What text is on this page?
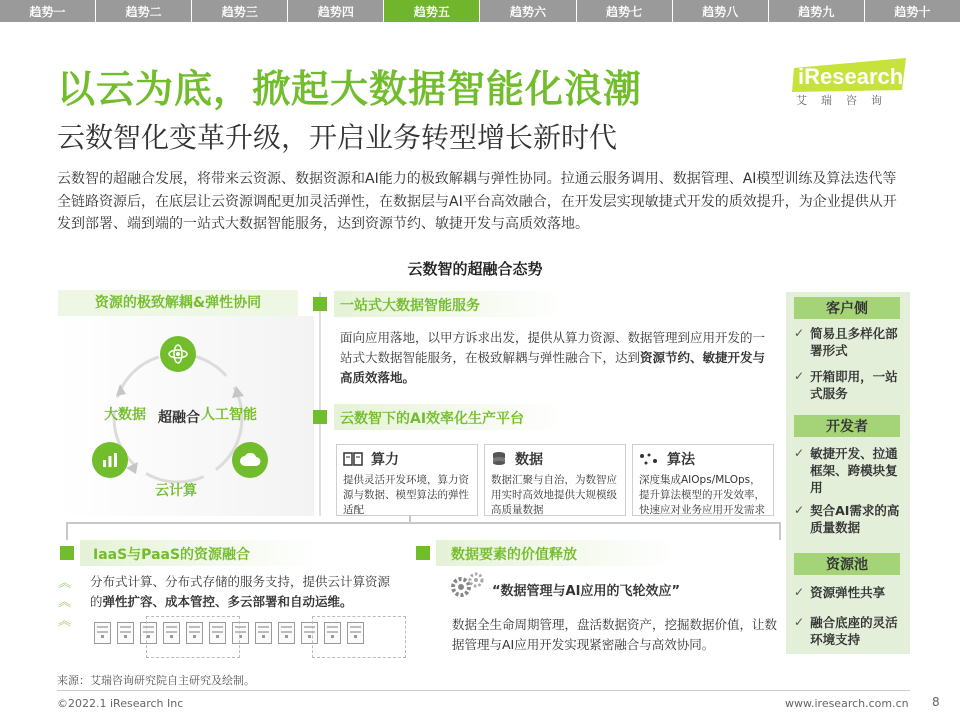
趋势一	趋势二	趋势三	趋势四	趋势五	趋势六	趋势七	趋势八	趋势九	趋势十
以云为底，掀起大数据智能化浪潮
云数智化变革升级，开启业务转型增长新时代
iResearch
艾瑞咨询
云数智的超融合发展，将带来云资源、数据资源和AI能力的极致解耦与弹性协同。拉通云服务调用、数据管理、AI模型训练及算法迭代等全链路资源后，在底层让云资源调配更加灵活弹性，在数据层与AI平台高效融合，在开发层实现敏捷式开发的质效提升，为企业提供从开发到部署、端到端的一站式大数据智能服务，达到资源节约、敏捷开发与高质效落地。
云数智的超融合态势
资源的极致解耦&弹性协同
大数据	人工智能
云计算
超融合
一站式大数据智能服务
面向应用落地，以甲方诉求出发，提供从算力资源、数据管理到应用开发的一站式大数据智能服务，在极致解耦与弹性融合下，达到资源节约、敏捷开发与高质效落地。
云数智下的AI效率化生产平台
算力
提供灵活开发环境，算力资源与数据、模型算法的弹性适配
数据
数据汇聚与自治，为数智应用实时高效地提供大规模级高质量数据
算法
深度集成AIOps/MLOps，提升算法模型的开发效率，快速应对业务应用开发需求
IaaS与PaaS的资源融合
︽
︽
︽
分布式计算、分布式存储的服务支持，提供云计算资源的弹性扩容、成本管控、多云部署和自动运维。
数据要素的价值释放
“数据管理与AI应用的飞轮效应”
数据全生命周期管理，盘活数据资产，挖掘数据价值，让数据管理与AI应用开发实现紧密融合与高效协同。
客户侧
✓ 简易且多样化部署形式
✓ 开箱即用，一站式服务
开发者
✓ 敏捷开发、拉通框架、跨模块复用
✓ 契合AI需求的高质量数据
资源池
✓ 资源弹性共享
✓ 融合底座的灵活环境支持
来源：艾瑞咨询研究院自主研究及绘制。
©2022.1 iResearch Inc	www.iresearch.com.cn 8
